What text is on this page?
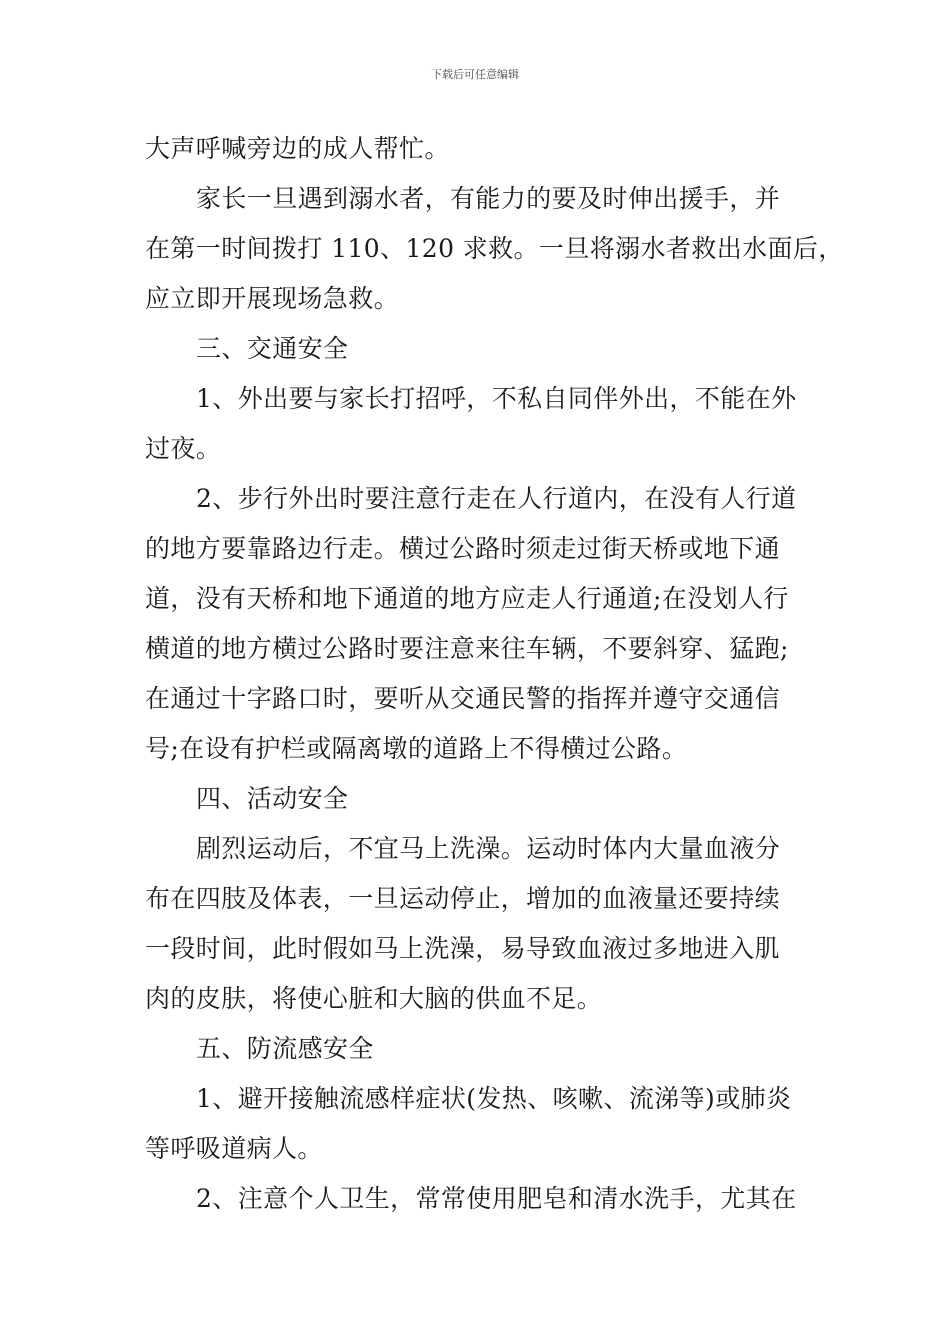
下载后可任意编辑
大声呼喊旁边的成人帮忙。
家长一旦遇到溺水者，有能力的要及时伸出援手，并
在第一时间拨打 110、120 求救。一旦将溺水者救出水面后，
应立即开展现场急救。
三、交通安全
1、外出要与家长打招呼，不私自同伴外出，不能在外
过夜。
2、步行外出时要注意行走在人行道内，在没有人行道
的地方要靠路边行走。横过公路时须走过街天桥或地下通
道，没有天桥和地下通道的地方应走人行通道;在没划人行
横道的地方横过公路时要注意来往车辆，不要斜穿、猛跑;
在通过十字路口时，要听从交通民警的指挥并遵守交通信
号;在设有护栏或隔离墩的道路上不得横过公路。
四、活动安全
剧烈运动后，不宜马上洗澡。运动时体内大量血液分
布在四肢及体表，一旦运动停止，增加的血液量还要持续
一段时间，此时假如马上洗澡，易导致血液过多地进入肌
肉的皮肤，将使心脏和大脑的供血不足。
五、防流感安全
1、避开接触流感样症状(发热、咳嗽、流涕等)或肺炎
等呼吸道病人。
2、注意个人卫生，常常使用肥皂和清水洗手，尤其在
